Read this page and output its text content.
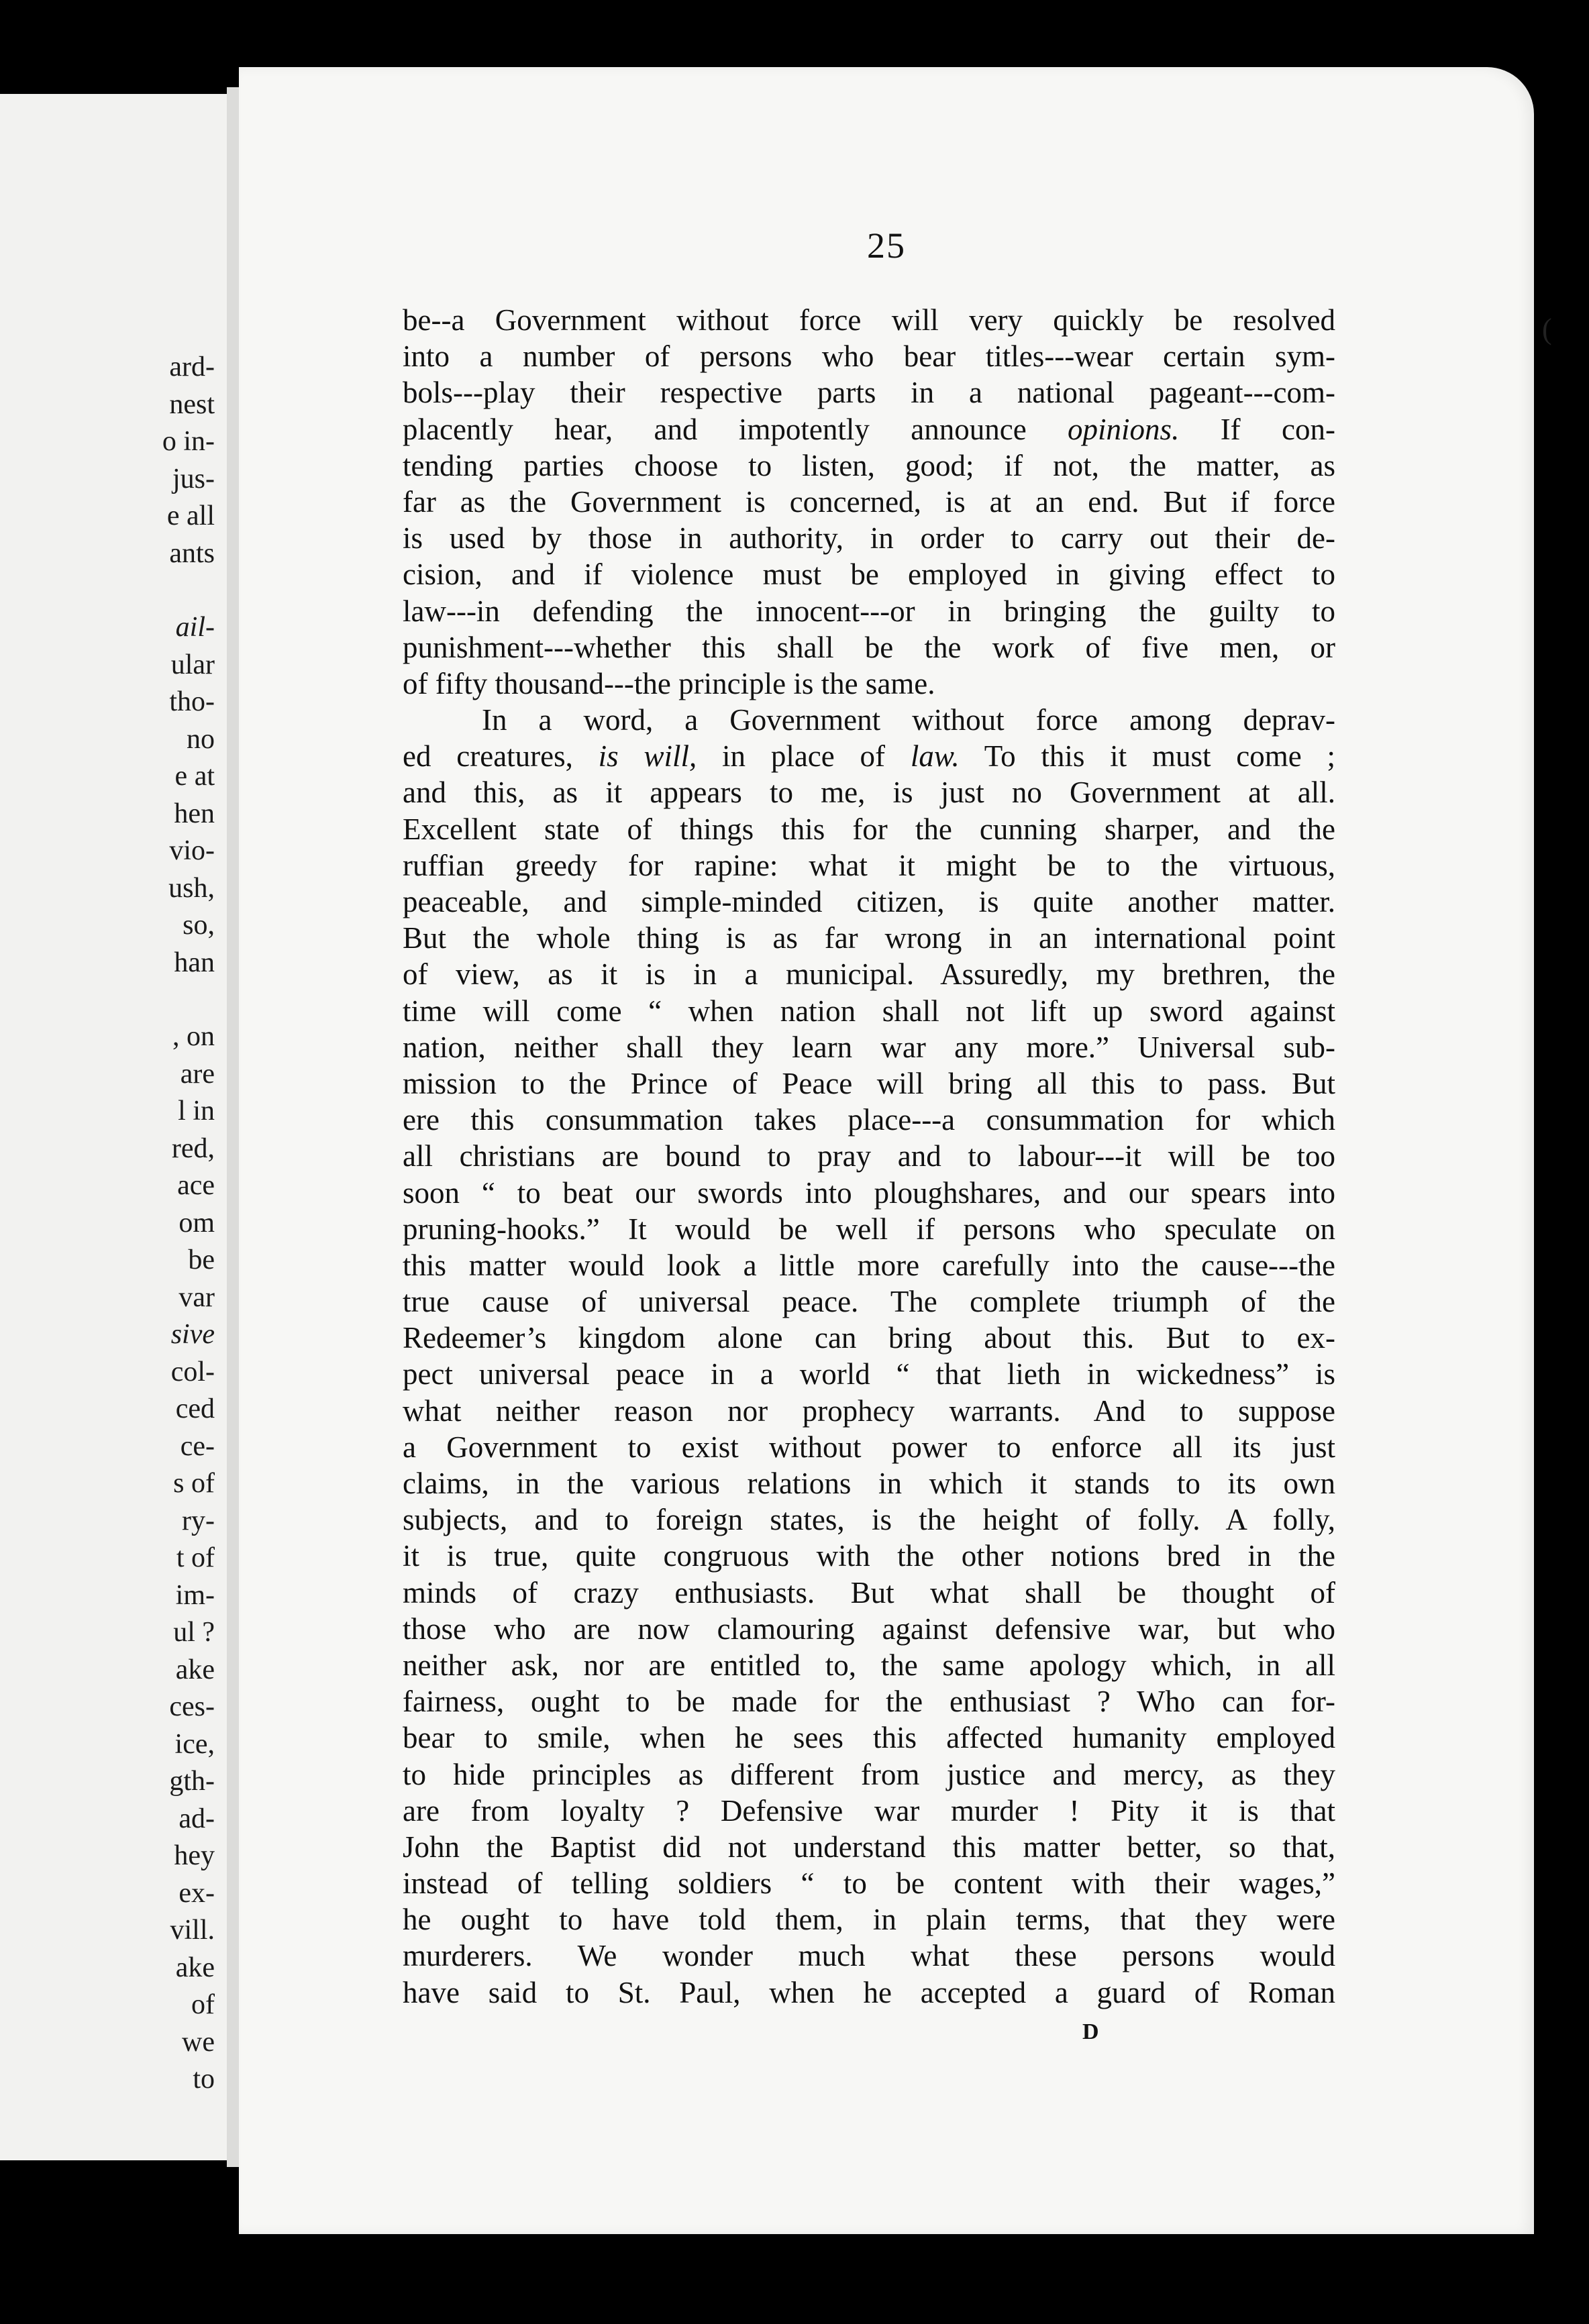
ard-
nest
o in-
jus-
e all
ants
ail-
ular
tho-
no
e at
hen
vio-
ush,
so,
han
, on
are
l in
red,
ace
om
be
var
sive
col-
ced
ce-
s of
ry-
t of
im-
ul ?
ake
ces-
ice,
gth-
ad-
hey
ex-
vill.
ake
of
we
to
25
(
be--a Government without force will very quickly be resolved
into a number of persons who bear titles---wear certain sym-
bols---play their respective parts in a national pageant---com-
placently hear, and impotently announce opinions. If con-
tending parties choose to listen, good; if not, the matter, as
far as the Government is concerned, is at an end. But if force
is used by those in authority, in order to carry out their de-
cision, and if violence must be employed in giving effect to
law---in defending the innocent---or in bringing the guilty to
punishment---whether this shall be the work of five men, or
of fifty thousand---the principle is the same.
In a word, a Government without force among deprav-
ed creatures, is will, in place of law. To this it must come ;
and this, as it appears to me, is just no Government at all.
Excellent state of things this for the cunning sharper, and the
ruffian greedy for rapine: what it might be to the virtuous,
peaceable, and simple-minded citizen, is quite another matter.
But the whole thing is as far wrong in an international point
of view, as it is in a municipal. Assuredly, my brethren, the
time will come “ when nation shall not lift up sword against
nation, neither shall they learn war any more.” Universal sub-
mission to the Prince of Peace will bring all this to pass. But
ere this consummation takes place---a consummation for which
all christians are bound to pray and to labour---it will be too
soon “ to beat our swords into ploughshares, and our spears into
pruning-hooks.” It would be well if persons who speculate on
this matter would look a little more carefully into the cause---the
true cause of universal peace. The complete triumph of the
Redeemer’s kingdom alone can bring about this. But to ex-
pect universal peace in a world “ that lieth in wickedness” is
what neither reason nor prophecy warrants. And to suppose
a Government to exist without power to enforce all its just
claims, in the various relations in which it stands to its own
subjects, and to foreign states, is the height of folly. A folly,
it is true, quite congruous with the other notions bred in the
minds of crazy enthusiasts. But what shall be thought of
those who are now clamouring against defensive war, but who
neither ask, nor are entitled to, the same apology which, in all
fairness, ought to be made for the enthusiast ? Who can for-
bear to smile, when he sees this affected humanity employed
to hide principles as different from justice and mercy, as they
are from loyalty ? Defensive war murder ! Pity it is that
John the Baptist did not understand this matter better, so that,
instead of telling soldiers “ to be content with their wages,”
he ought to have told them, in plain terms, that they were
murderers. We wonder much what these persons would
have said to St. Paul, when he accepted a guard of Roman
D
